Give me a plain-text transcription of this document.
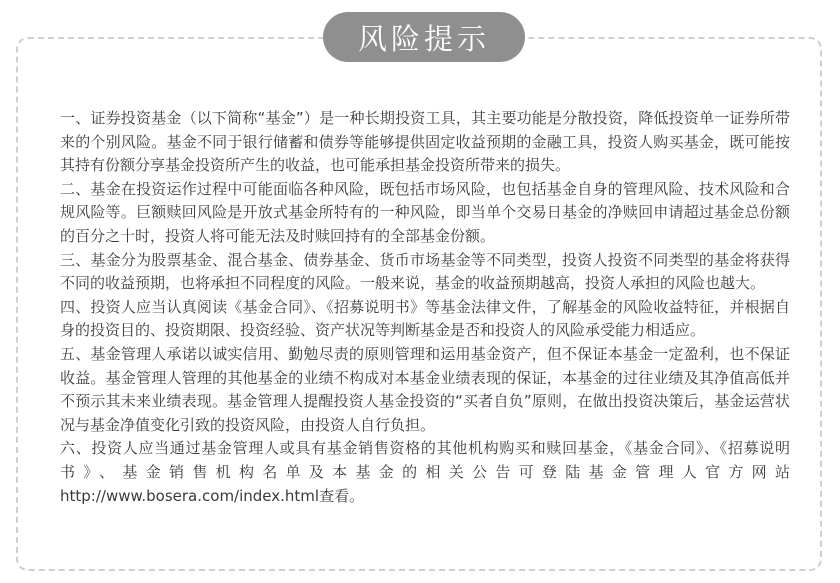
风险提示

一、证券投资基金（以下简称“基金”）是一种长期投资工具，其主要功能是分散投资，降低投资单一证券所带来的个别风险。基金不同于银行储蓄和债券等能够提供固定收益预期的金融工具，投资人购买基金，既可能按其持有份额分享基金投资所产生的收益，也可能承担基金投资所带来的损失。

二、基金在投资运作过程中可能面临各种风险，既包括市场风险，也包括基金自身的管理风险、技术风险和合规风险等。巨额赎回风险是开放式基金所特有的一种风险，即当单个交易日基金的净赎回申请超过基金总份额的百分之十时，投资人将可能无法及时赎回持有的全部基金份额。

三、基金分为股票基金、混合基金、债券基金、货币市场基金等不同类型，投资人投资不同类型的基金将获得不同的收益预期，也将承担不同程度的风险。一般来说，基金的收益预期越高，投资人承担的风险也越大。

四、投资人应当认真阅读《基金合同》、《招募说明书》等基金法律文件，了解基金的风险收益特征，并根据自身的投资目的、投资期限、投资经验、资产状况等判断基金是否和投资人的风险承受能力相适应。

五、基金管理人承诺以诚实信用、勤勉尽责的原则管理和运用基金资产，但不保证本基金一定盈利，也不保证收益。基金管理人管理的其他基金的业绩不构成对本基金业绩表现的保证，本基金的过往业绩及其净值高低并不预示其未来业绩表现。基金管理人提醒投资人基金投资的“买者自负”原则，在做出投资决策后，基金运营状况与基金净值变化引致的投资风险，由投资人自行负担。

六、投资人应当通过基金管理人或具有基金销售资格的其他机构购买和赎回基金，《基金合同》、《招募说明书》、基金销售机构名单及本基金的相关公告可登陆基金管理人官方网站http://www.bosera.com/index.html查看。
